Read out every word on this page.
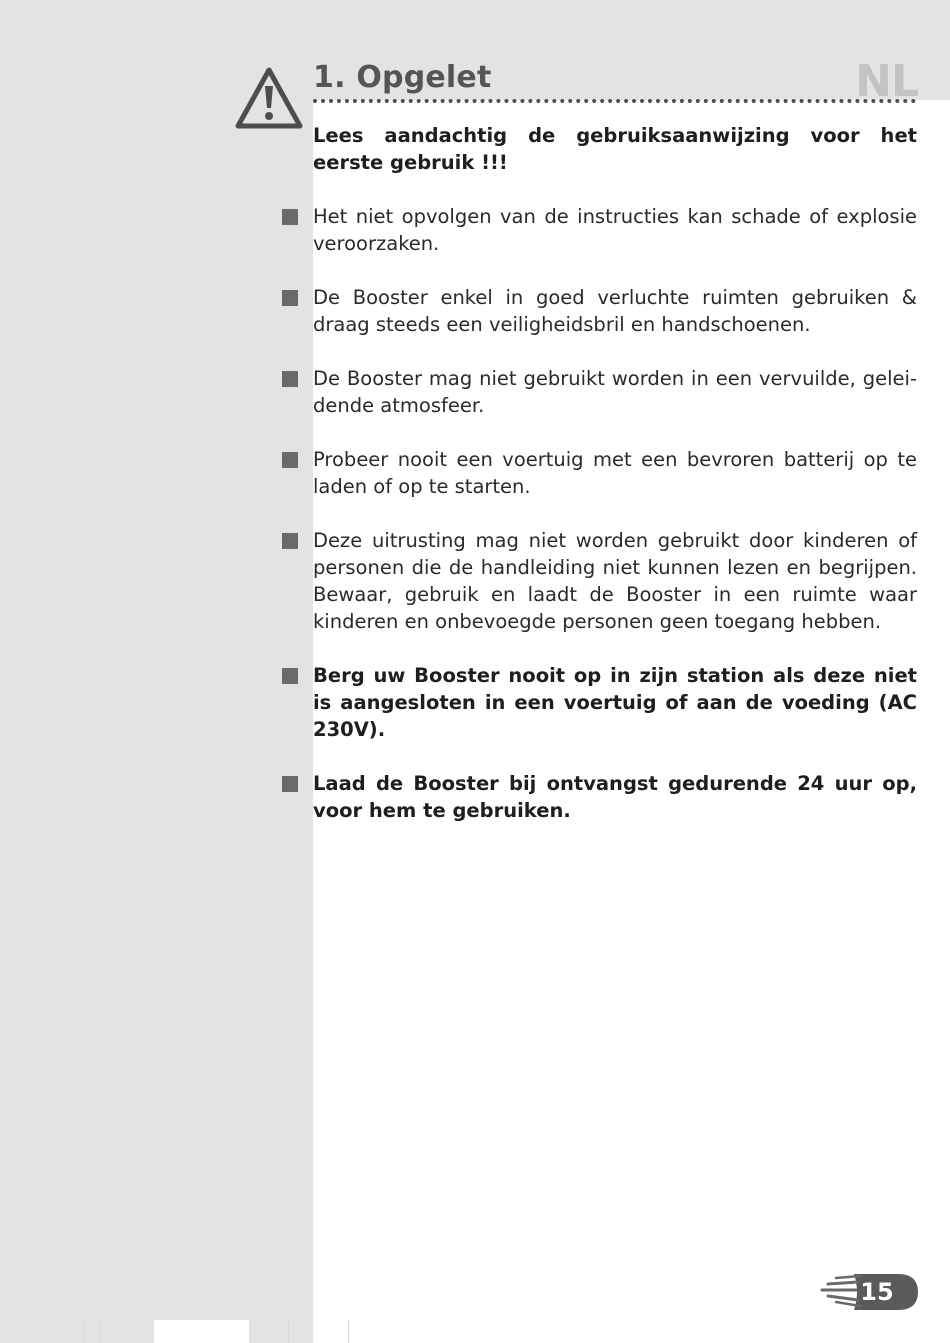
1. Opgelet	NL

Lees aandachtig de gebruiksaanwijzing voor het eerste gebruik !!!

Het niet opvolgen van de instructies kan schade of explosie veroorzaken.
De Booster enkel in goed verluchte ruimten gebruiken & draag steeds een veiligheidsbril en handschoenen.
De Booster mag niet gebruikt worden in een vervuilde, gelei-dende atmosfeer.
Probeer nooit een voertuig met een bevroren batterij op te laden of op te starten.
Deze uitrusting mag niet worden gebruikt door kinderen of personen die de handleiding niet kunnen lezen en begrijpen. Bewaar, gebruik en laadt de Booster in een ruimte waar kinderen en onbevoegde personen geen toegang hebben.
Berg uw Booster nooit op in zijn station als deze niet is aangesloten in een voertuig of aan de voeding (AC 230V).
Laad de Booster bij ontvangst gedurende 24 uur op, voor hem te gebruiken.
15
